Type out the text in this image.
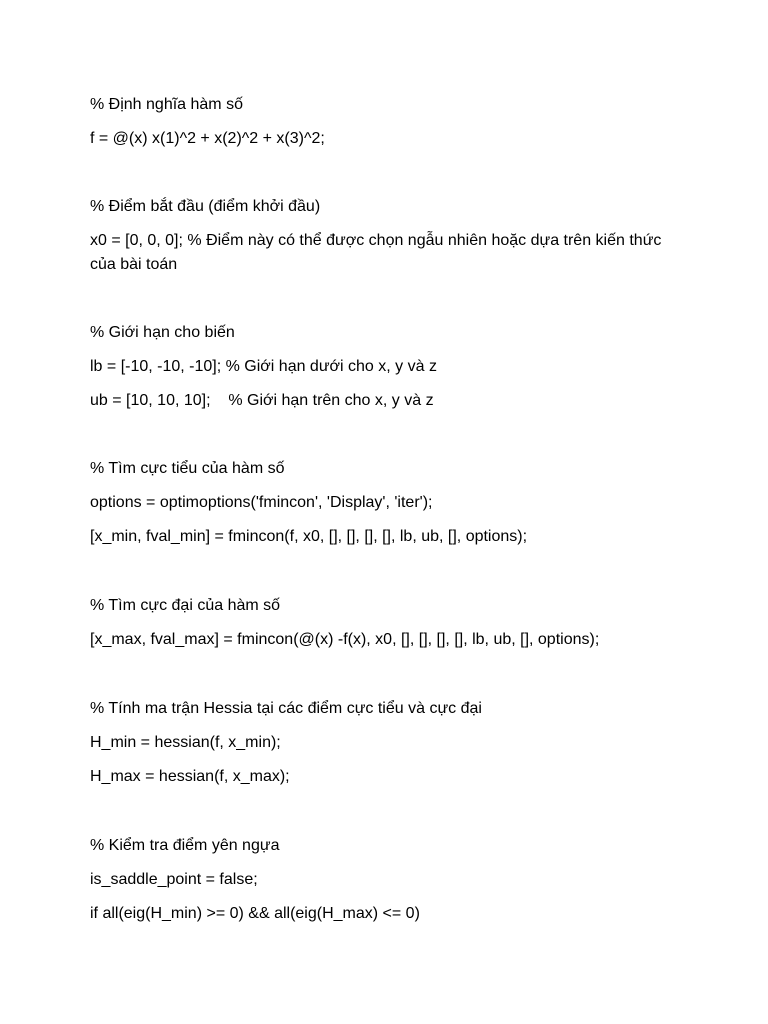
% Định nghĩa hàm số

f = @(x) x(1)^2 + x(2)^2 + x(3)^2;

% Điểm bắt đầu (điểm khởi đầu)

x0 = [0, 0, 0]; % Điểm này có thể được chọn ngẫu nhiên hoặc dựa trên kiến thức của bài toán

% Giới hạn cho biến

lb = [-10, -10, -10]; % Giới hạn dưới cho x, y và z

ub = [10, 10, 10];    % Giới hạn trên cho x, y và z

% Tìm cực tiểu của hàm số

options = optimoptions('fmincon', 'Display', 'iter');

[x_min, fval_min] = fmincon(f, x0, [], [], [], [], lb, ub, [], options);

% Tìm cực đại của hàm số

[x_max, fval_max] = fmincon(@(x) -f(x), x0, [], [], [], [], lb, ub, [], options);

% Tính ma trận Hessia tại các điểm cực tiểu và cực đại

H_min = hessian(f, x_min);

H_max = hessian(f, x_max);

% Kiểm tra điểm yên ngựa

is_saddle_point = false;

if all(eig(H_min) >= 0) && all(eig(H_max) <= 0)
